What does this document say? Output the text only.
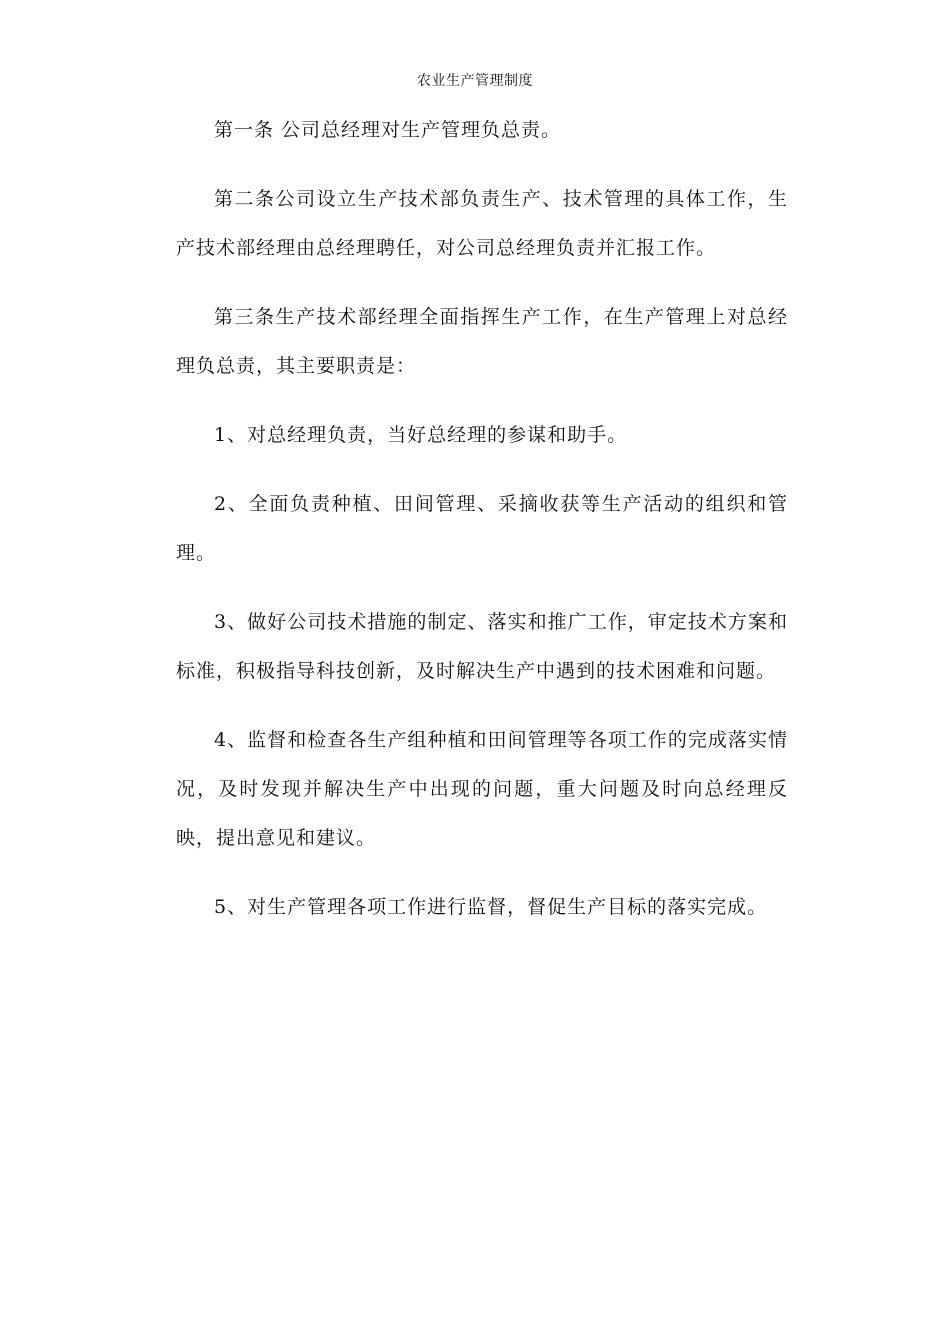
农业生产管理制度

第一条 公司总经理对生产管理负总责。

第二条公司设立生产技术部负责生产、技术管理的具体工作，生产技术部经理由总经理聘任，对公司总经理负责并汇报工作。

第三条生产技术部经理全面指挥生产工作，在生产管理上对总经理负总责，其主要职责是：

1、对总经理负责，当好总经理的参谋和助手。

2、全面负责种植、田间管理、采摘收获等生产活动的组织和管理。

3、做好公司技术措施的制定、落实和推广工作，审定技术方案和标准，积极指导科技创新，及时解决生产中遇到的技术困难和问题。

4、监督和检查各生产组种植和田间管理等各项工作的完成落实情况，及时发现并解决生产中出现的问题，重大问题及时向总经理反映，提出意见和建议。

5、对生产管理各项工作进行监督，督促生产目标的落实完成。
